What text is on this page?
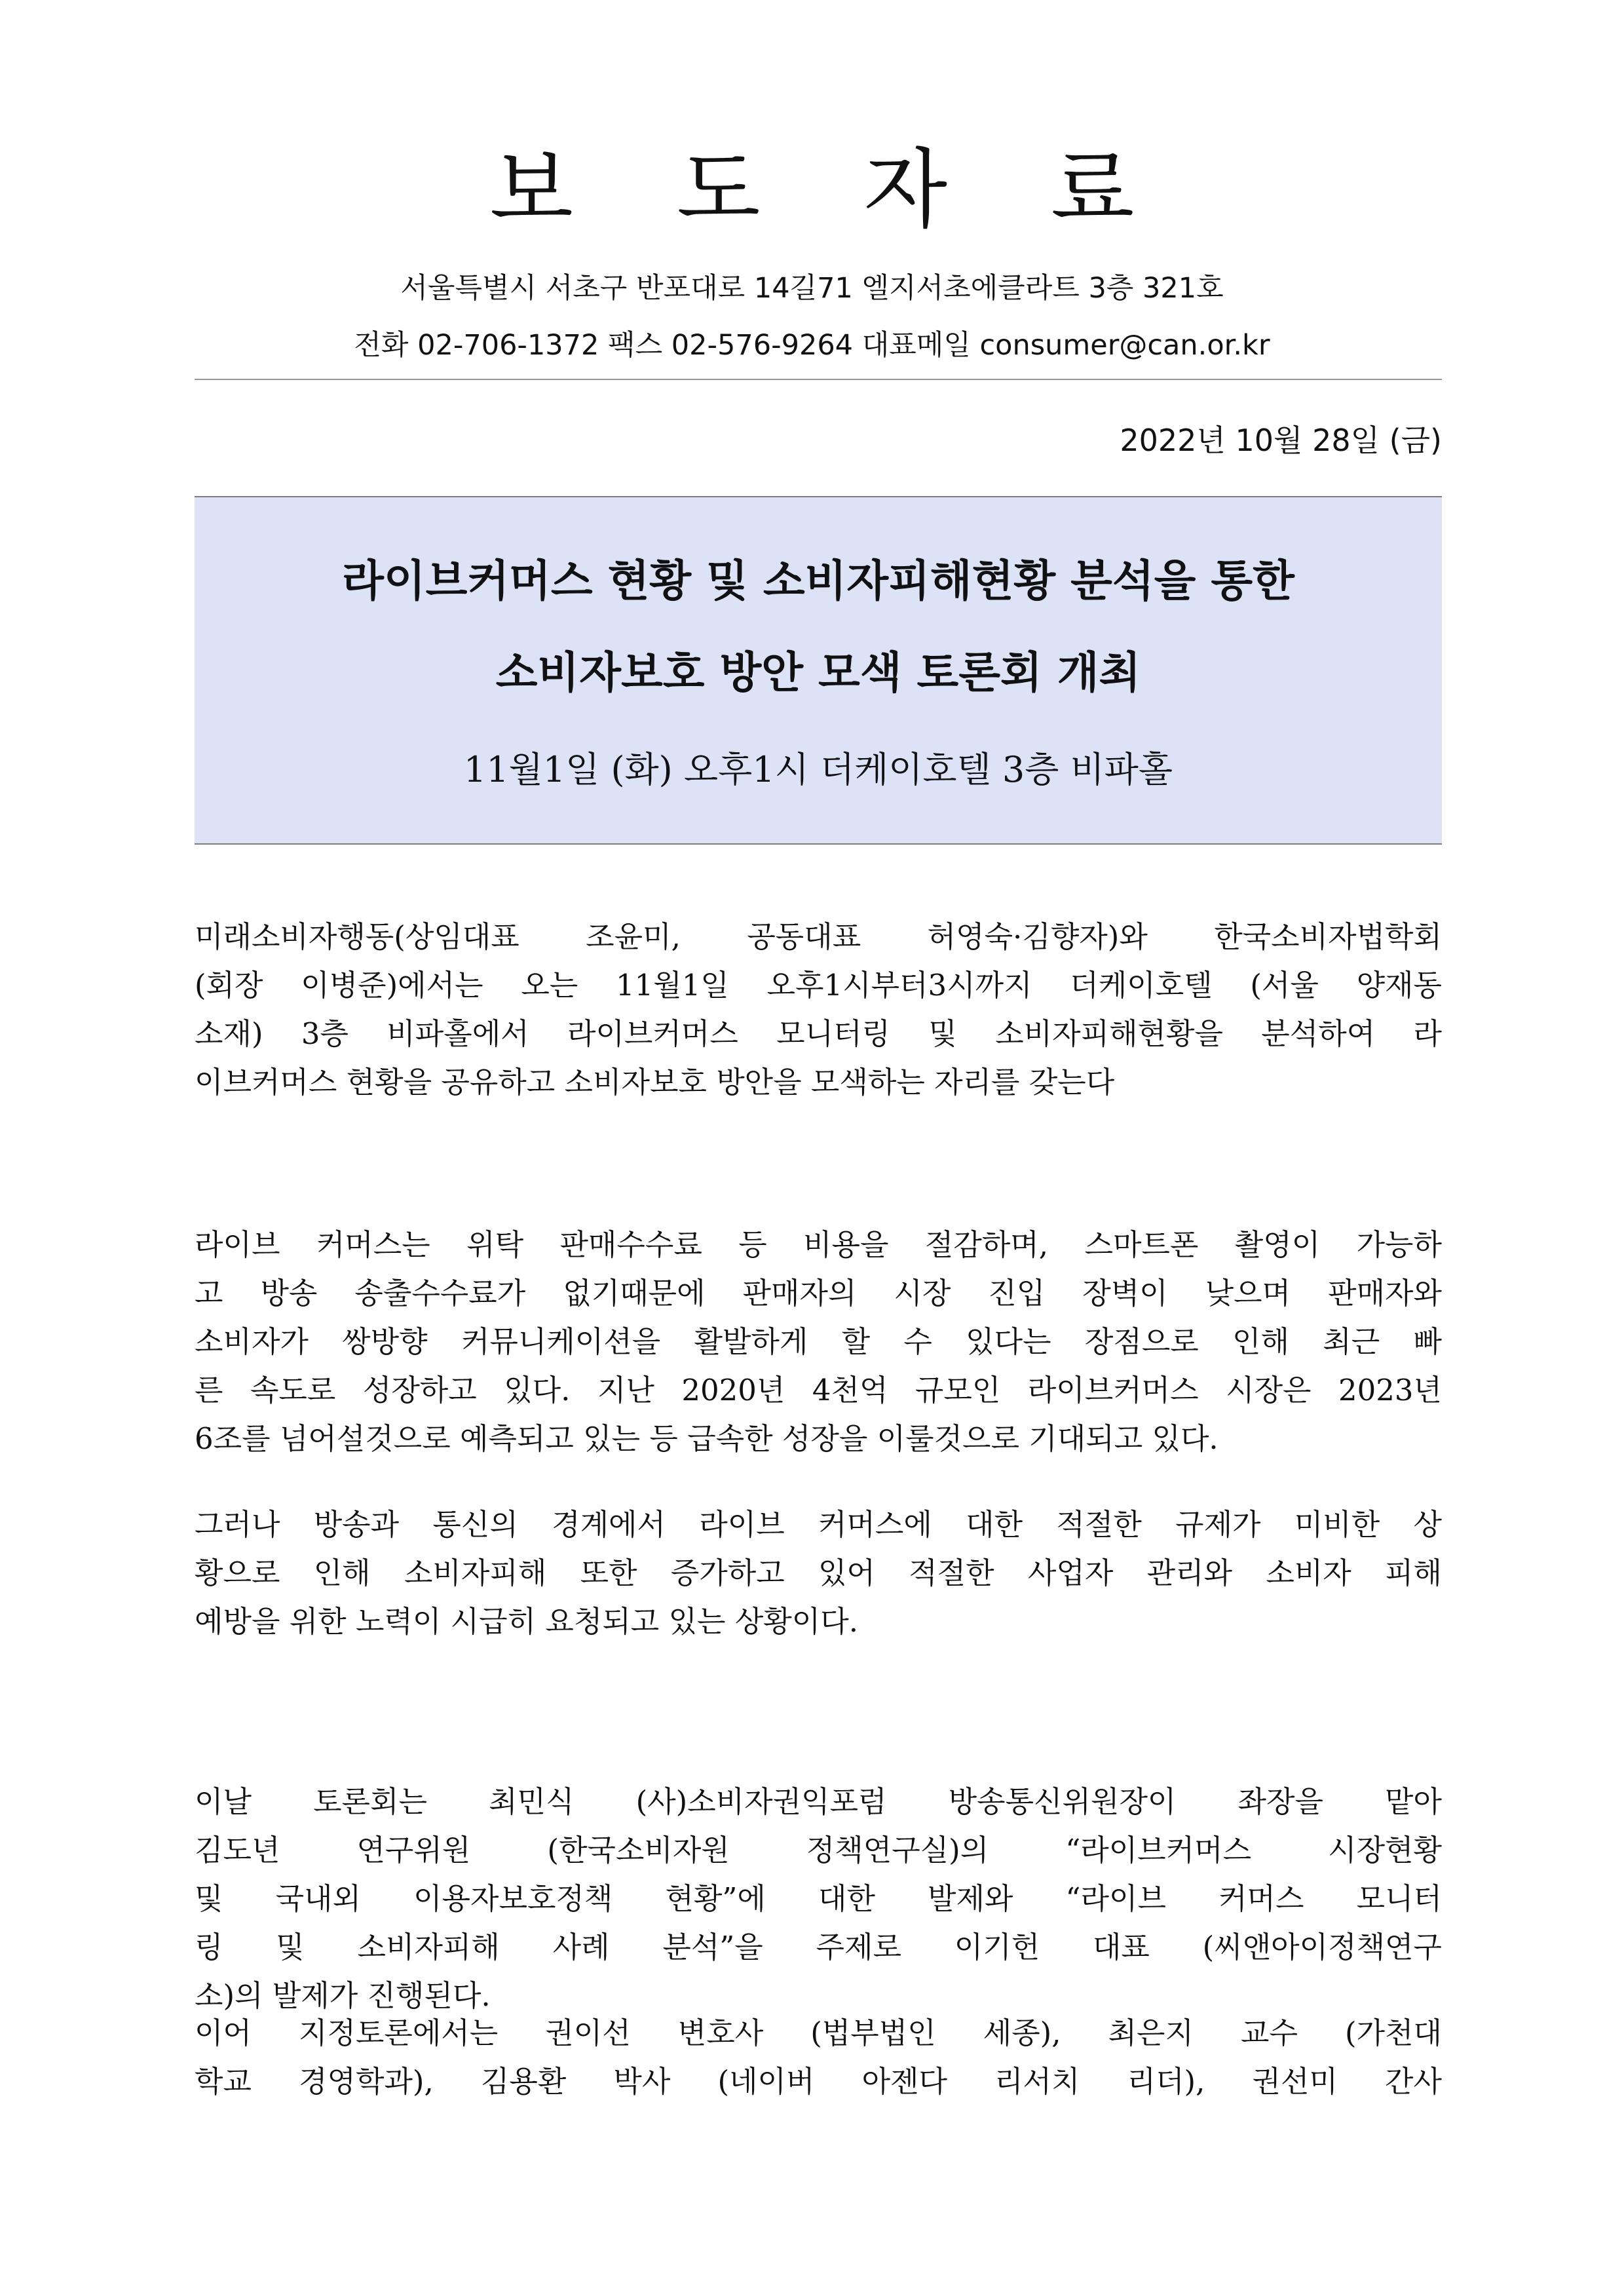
보 도 자 료
서울특별시 서초구 반포대로 14길71 엘지서초에클라트 3층 321호
전화 02-706-1372 팩스 02-576-9264 대표메일 consumer@can.or.kr
2022년 10월 28일 (금)
라이브커머스 현황 및 소비자피해현황 분석을 통한
소비자보호 방안 모색 토론회 개최
11월1일 (화) 오후1시 더케이호텔 3층 비파홀
미래소비자행동(상임대표 조윤미, 공동대표 허영숙·김향자)와 한국소비자법학회
(회장 이병준)에서는 오는 11월1일 오후1시부터3시까지 더케이호텔 (서울 양재동
소재) 3층 비파홀에서 라이브커머스 모니터링 및 소비자피해현황을 분석하여 라
이브커머스 현황을 공유하고 소비자보호 방안을 모색하는 자리를 갖는다
라이브 커머스는 위탁 판매수수료 등 비용을 절감하며, 스마트폰 촬영이 가능하
고 방송 송출수수료가 없기때문에 판매자의 시장 진입 장벽이 낮으며 판매자와
소비자가 쌍방향 커뮤니케이션을 활발하게 할 수 있다는 장점으로 인해 최근 빠
른 속도로 성장하고 있다. 지난 2020년 4천억 규모인 라이브커머스 시장은 2023년
6조를 넘어설것으로 예측되고 있는 등 급속한 성장을 이룰것으로 기대되고 있다.
그러나 방송과 통신의 경계에서 라이브 커머스에 대한 적절한 규제가 미비한 상
황으로 인해 소비자피해 또한 증가하고 있어 적절한 사업자 관리와 소비자 피해
예방을 위한 노력이 시급히 요청되고 있는 상황이다.
이날 토론회는 최민식 (사)소비자권익포럼 방송통신위원장이 좌장을 맡아
김도년 연구위원 (한국소비자원 정책연구실)의 “라이브커머스 시장현황
및 국내외 이용자보호정책 현황”에 대한 발제와 “라이브 커머스 모니터
링 및 소비자피해 사례 분석”을 주제로 이기헌 대표 (씨앤아이정책연구
소)의 발제가 진행된다.
이어 지정토론에서는 권이선 변호사 (법부법인 세종), 최은지 교수 (가천대
학교 경영학과), 김용환 박사 (네이버 아젠다 리서치 리더), 권선미 간사
